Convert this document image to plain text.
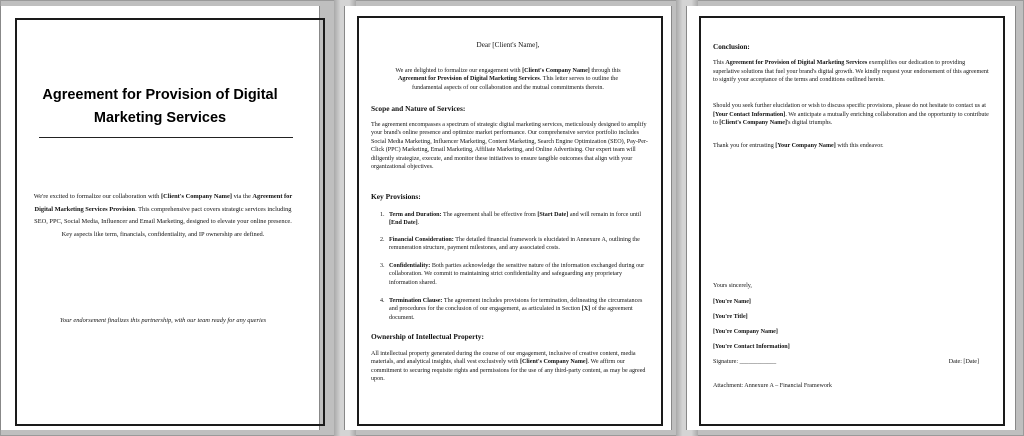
Agreement for Provision of Digital
Marketing Services
We're excited to formalize our collaboration with [Client's Company Name] via the Agreement for Digital Marketing Services Provision. This comprehensive pact covers strategic services including SEO, PPC, Social Media, Influencer and Email Marketing, designed to elevate your online presence. Key aspects like term, financials, confidentiality, and IP ownership are defined.
Your endorsement finalizes this partnership, with our team ready for any queries
Dear [Client's Name],
We are delighted to formalize our engagement with [Client's Company Name] through this Agreement for Provision of Digital Marketing Services. This letter serves to outline the fundamental aspects of our collaboration and the mutual commitments therein.
Scope and Nature of Services:
The agreement encompasses a spectrum of strategic digital marketing services, meticulously designed to amplify your brand's online presence and optimize market performance. Our comprehensive service portfolio includes Social Media Marketing, Influencer Marketing, Content Marketing, Search Engine Optimization (SEO), Pay-Per-Click (PPC) Marketing, Email Marketing, Affiliate Marketing, and Online Advertising. Our expert team will diligently strategize, execute, and monitor these initiatives to ensure tangible outcomes that align with your organizational objectives.
Key Provisions:
1. Term and Duration: The agreement shall be effective from [Start Date] and will remain in force until [End Date].
2. Financial Consideration: The detailed financial framework is elucidated in Annexure A, outlining the remuneration structure, payment milestones, and any associated costs.
3. Confidentiality: Both parties acknowledge the sensitive nature of the information exchanged during our collaboration. We commit to maintaining strict confidentiality and safeguarding any proprietary information shared.
4. Termination Clause: The agreement includes provisions for termination, delineating the circumstances and procedures for the conclusion of our engagement, as articulated in Section [X] of the agreement document.
Ownership of Intellectual Property:
All intellectual property generated during the course of our engagement, inclusive of creative content, media materials, and analytical insights, shall vest exclusively with [Client's Company Name]. We affirm our commitment to securing requisite rights and permissions for the use of any third-party content, as may be agreed upon.
Conclusion:
This Agreement for Provision of Digital Marketing Services exemplifies our dedication to providing superlative solutions that fuel your brand's digital growth. We kindly request your endorsement of this agreement to signify your acceptance of the terms and conditions outlined herein.
Should you seek further elucidation or wish to discuss specific provisions, please do not hesitate to contact us at [Your Contact Information]. We anticipate a mutually enriching collaboration and the opportunity to contribute to [Client's Company Name]'s digital triumphs.
Thank you for entrusting [Your Company Name] with this endeavor.
Yours sincerely,
[You're Name]
[You're Title]
[You're Company Name]
[You're Contact Information]
Signature: ____________	Date: [Date]
Attachment: Annexure A – Financial Framework
